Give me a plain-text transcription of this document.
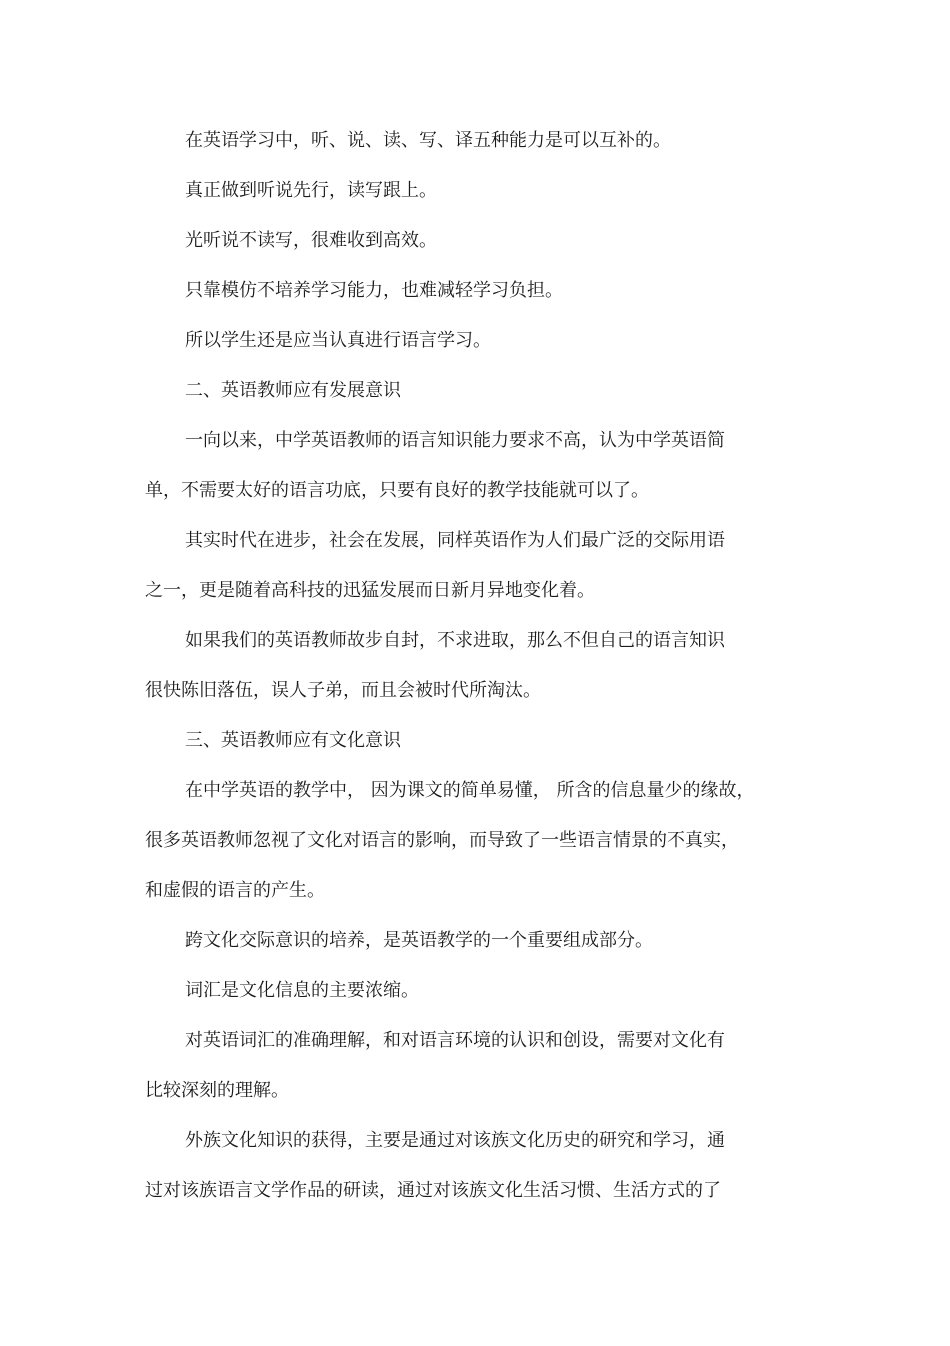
在英语学习中，听、说、读、写、译五种能力是可以互补的。
真正做到听说先行，读写跟上。
光听说不读写，很难收到高效。
只靠模仿不培养学习能力，也难减轻学习负担。
所以学生还是应当认真进行语言学习。
二、英语教师应有发展意识
一向以来，中学英语教师的语言知识能力要求不高，认为中学英语简
单，不需要太好的语言功底，只要有良好的教学技能就可以了。
其实时代在进步，社会在发展，同样英语作为人们最广泛的交际用语
之一，更是随着高科技的迅猛发展而日新月异地变化着。
如果我们的英语教师故步自封，不求进取，那么不但自己的语言知识
很快陈旧落伍，误人子弟，而且会被时代所淘汰。
三、英语教师应有文化意识
在中学英语的教学中， 因为课文的简单易懂， 所含的信息量少的缘故，
很多英语教师忽视了文化对语言的影响，而导致了一些语言情景的不真实，
和虚假的语言的产生。
跨文化交际意识的培养，是英语教学的一个重要组成部分。
词汇是文化信息的主要浓缩。
对英语词汇的准确理解，和对语言环境的认识和创设，需要对文化有
比较深刻的理解。
外族文化知识的获得，主要是通过对该族文化历史的研究和学习，通
过对该族语言文学作品的研读，通过对该族文化生活习惯、生活方式的了
